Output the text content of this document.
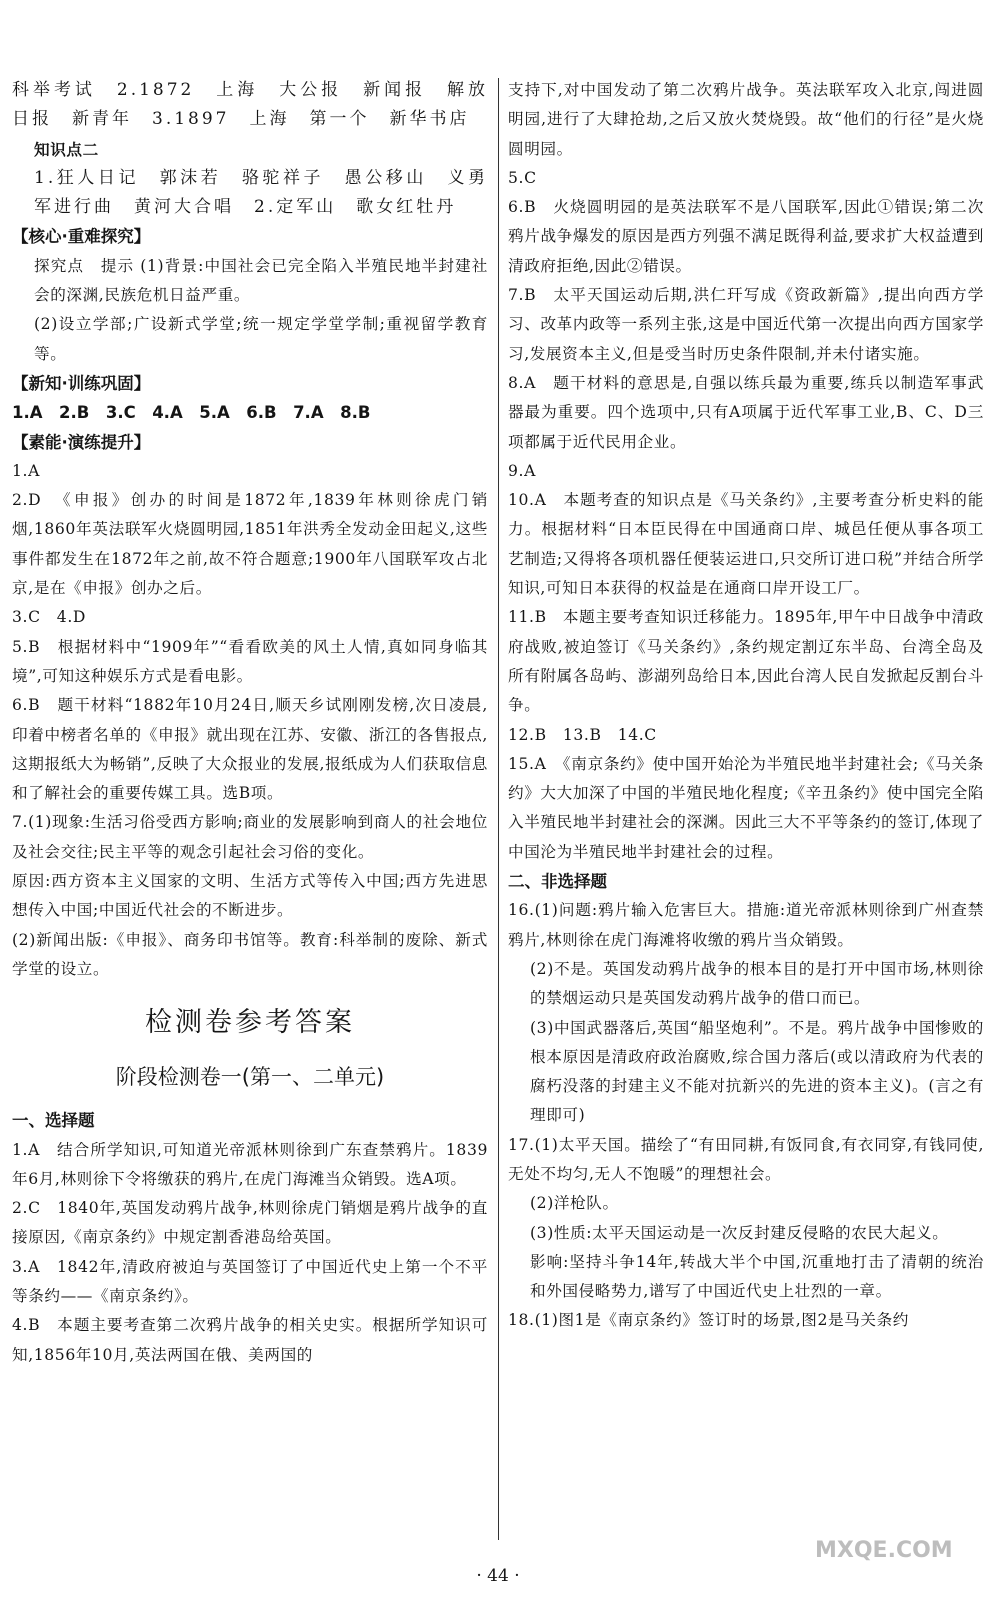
科举考试　2.1872　上海　大公报　新闻报　解放日报　新青年　3.1897　上海　第一个　新华书店
知识点二
1.狂人日记　郭沫若　骆驼祥子　愚公移山　义勇军进行曲　黄河大合唱　2.定军山　歌女红牡丹
【核心·重难探究】
探究点　提示 (1)背景:中国社会已完全陷入半殖民地半封建社会的深渊,民族危机日益严重。
(2)设立学部;广设新式学堂;统一规定学堂学制;重视留学教育等。
【新知·训练巩固】
1.A　2.B　3.C　4.A　5.A　6.B　7.A　8.B
【素能·演练提升】
1.A
2.D　《申报》创办的时间是1872年,1839年林则徐虎门销烟,1860年英法联军火烧圆明园,1851年洪秀全发动金田起义,这些事件都发生在1872年之前,故不符合题意;1900年八国联军攻占北京,是在《申报》创办之后。
3.C　4.D
5.B　根据材料中“1909年”“看看欧美的风土人情,真如同身临其境”,可知这种娱乐方式是看电影。
6.B　题干材料“1882年10月24日,顺天乡试刚刚发榜,次日凌晨,印着中榜者名单的《申报》就出现在江苏、安徽、浙江的各售报点,这期报纸大为畅销”,反映了大众报业的发展,报纸成为人们获取信息和了解社会的重要传媒工具。选B项。
7.(1)现象:生活习俗受西方影响;商业的发展影响到商人的社会地位及社会交往;民主平等的观念引起社会习俗的变化。
原因:西方资本主义国家的文明、生活方式等传入中国;西方先进思想传入中国;中国近代社会的不断进步。
(2)新闻出版:《申报》、商务印书馆等。教育:科举制的废除、新式学堂的设立。
检测卷参考答案
阶段检测卷一(第一、二单元)
一、选择题
1.A　结合所学知识,可知道光帝派林则徐到广东查禁鸦片。1839年6月,林则徐下令将缴获的鸦片,在虎门海滩当众销毁。选A项。
2.C　1840年,英国发动鸦片战争,林则徐虎门销烟是鸦片战争的直接原因,《南京条约》中规定割香港岛给英国。
3.A　1842年,清政府被迫与英国签订了中国近代史上第一个不平等条约——《南京条约》。
4.B　本题主要考查第二次鸦片战争的相关史实。根据所学知识可知,1856年10月,英法两国在俄、美两国的
支持下,对中国发动了第二次鸦片战争。英法联军攻入北京,闯进圆明园,进行了大肆抢劫,之后又放火焚烧毁。故“他们的行径”是火烧圆明园。
5.C
6.B　火烧圆明园的是英法联军不是八国联军,因此①错误;第二次鸦片战争爆发的原因是西方列强不满足既得利益,要求扩大权益遭到清政府拒绝,因此②错误。
7.B　太平天国运动后期,洪仁玕写成《资政新篇》,提出向西方学习、改革内政等一系列主张,这是中国近代第一次提出向西方国家学习,发展资本主义,但是受当时历史条件限制,并未付诸实施。
8.A　题干材料的意思是,自强以练兵最为重要,练兵以制造军事武器最为重要。四个选项中,只有A项属于近代军事工业,B、C、D三项都属于近代民用企业。
9.A
10.A　本题考查的知识点是《马关条约》,主要考查分析史料的能力。根据材料“日本臣民得在中国通商口岸、城邑任便从事各项工艺制造;又得将各项机器任便装运进口,只交所订进口税”并结合所学知识,可知日本获得的权益是在通商口岸开设工厂。
11.B　本题主要考查知识迁移能力。1895年,甲午中日战争中清政府战败,被迫签订《马关条约》,条约规定割辽东半岛、台湾全岛及所有附属各岛屿、澎湖列岛给日本,因此台湾人民自发掀起反割台斗争。
12.B　13.B　14.C
15.A　《南京条约》使中国开始沦为半殖民地半封建社会;《马关条约》大大加深了中国的半殖民地化程度;《辛丑条约》使中国完全陷入半殖民地半封建社会的深渊。因此三大不平等条约的签订,体现了中国沦为半殖民地半封建社会的过程。
二、非选择题
16.(1)问题:鸦片输入危害巨大。措施:道光帝派林则徐到广州查禁鸦片,林则徐在虎门海滩将收缴的鸦片当众销毁。
(2)不是。英国发动鸦片战争的根本目的是打开中国市场,林则徐的禁烟运动只是英国发动鸦片战争的借口而已。
(3)中国武器落后,英国“船坚炮利”。不是。鸦片战争中国惨败的根本原因是清政府政治腐败,综合国力落后(或以清政府为代表的腐朽没落的封建主义不能对抗新兴的先进的资本主义)。(言之有理即可)
17.(1)太平天国。描绘了“有田同耕,有饭同食,有衣同穿,有钱同使,无处不均匀,无人不饱暖”的理想社会。
(2)洋枪队。
(3)性质:太平天国运动是一次反封建反侵略的农民大起义。
影响:坚持斗争14年,转战大半个中国,沉重地打击了清朝的统治和外国侵略势力,谱写了中国近代史上壮烈的一章。
18.(1)图1是《南京条约》签订时的场景,图2是马关条约
· 44 ·
MXQE.COM
